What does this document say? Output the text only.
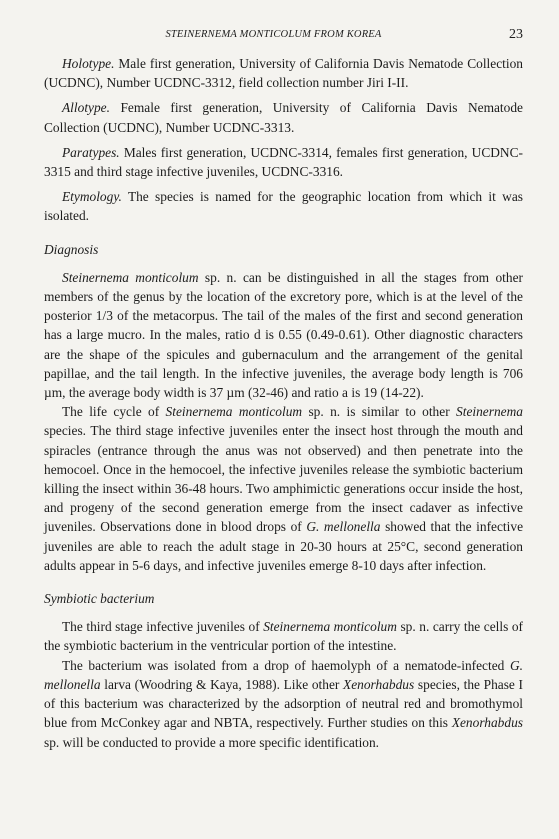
STEINERNEMA MONTICOLUM FROM KOREA	23

Holotype. Male first generation, University of California Davis Nematode Collection (UCDNC), Number UCDNC-3312, field collection number Jiri I-II.

Allotype. Female first generation, University of California Davis Nematode Collection (UCDNC), Number UCDNC-3313.

Paratypes. Males first generation, UCDNC-3314, females first generation, UCDNC-3315 and third stage infective juveniles, UCDNC-3316.

Etymology. The species is named for the geographic location from which it was isolated.

Diagnosis

Steinernema monticolum sp. n. can be distinguished in all the stages from other members of the genus by the location of the excretory pore, which is at the level of the posterior 1/3 of the metacorpus. The tail of the males of the first and second generation has a large mucro. In the males, ratio d is 0.55 (0.49-0.61). Other diagnostic characters are the shape of the spicules and gubernaculum and the arrangement of the genital papillae, and the tail length. In the infective juveniles, the average body length is 706 µm, the average body width is 37 µm (32-46) and ratio a is 19 (14-22).

The life cycle of Steinernema monticolum sp. n. is similar to other Steinernema species. The third stage infective juveniles enter the insect host through the mouth and spiracles (entrance through the anus was not observed) and then penetrate into the hemocoel. Once in the hemocoel, the infective juveniles release the symbiotic bacterium killing the insect within 36-48 hours. Two amphimictic generations occur inside the host, and progeny of the second generation emerge from the insect cadaver as infective juveniles. Observations done in blood drops of G. mellonella showed that the infective juveniles are able to reach the adult stage in 20-30 hours at 25°C, second generation adults appear in 5-6 days, and infective juveniles emerge 8-10 days after infection.

Symbiotic bacterium

The third stage infective juveniles of Steinernema monticolum sp. n. carry the cells of the symbiotic bacterium in the ventricular portion of the intestine.

The bacterium was isolated from a drop of haemolyph of a nematode-infected G. mellonella larva (Woodring & Kaya, 1988). Like other Xenorhabdus species, the Phase I of this bacterium was characterized by the adsorption of neutral red and bromothymol blue from McConkey agar and NBTA, respectively. Further studies on this Xenorhabdus sp. will be conducted to provide a more specific identification.
